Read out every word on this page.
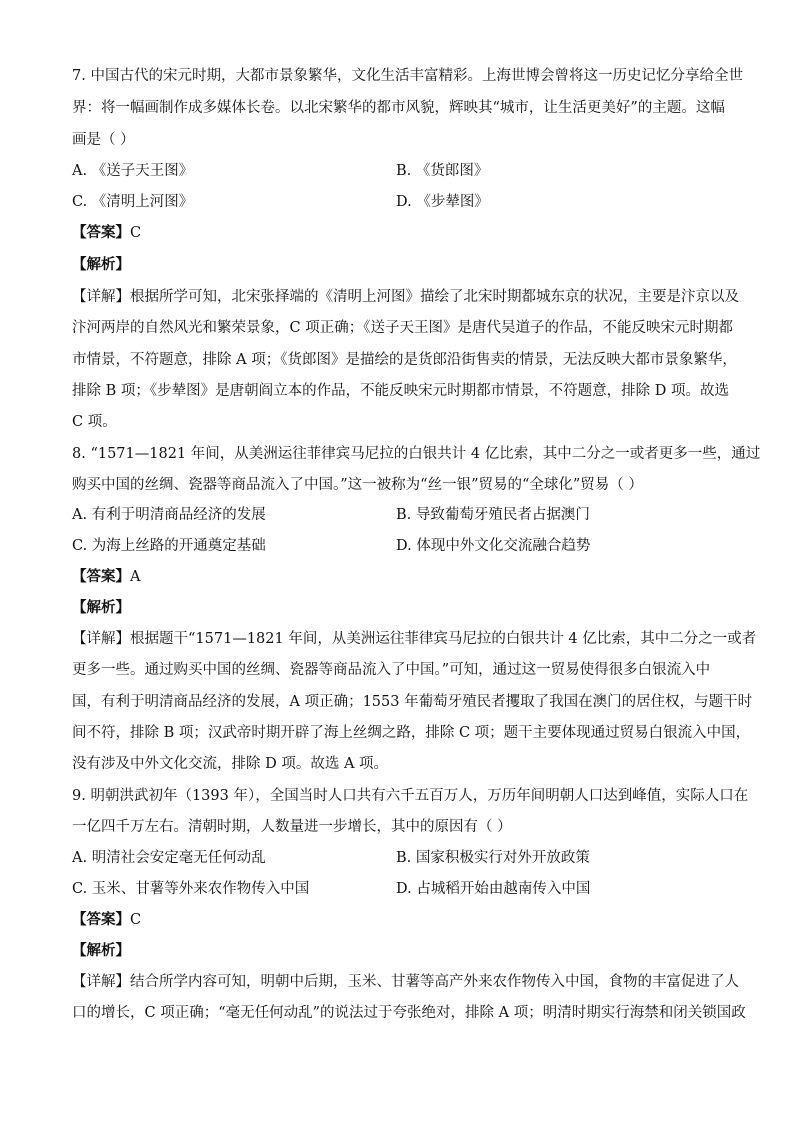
7. 中国古代的宋元时期，大都市景象繁华，文化生活丰富精彩。上海世博会曾将这一历史记忆分享给全世
界：将一幅画制作成多媒体长卷。以北宋繁华的都市风貌，辉映其“城市，让生活更美好”的主题。这幅
画是（ ）
A. 《送子天王图》	B. 《货郎图》
C. 《清明上河图》	D. 《步辇图》
【答案】C
【解析】
【详解】根据所学可知，北宋张择端的《清明上河图》描绘了北宋时期都城东京的状况，主要是汴京以及
汴河两岸的自然风光和繁荣景象，C 项正确；《送子天王图》是唐代吴道子的作品，不能反映宋元时期都
市情景，不符题意，排除 A 项；《货郎图》是描绘的是货郎沿街售卖的情景，无法反映大都市景象繁华，
排除 B 项；《步辇图》是唐朝阎立本的作品，不能反映宋元时期都市情景，不符题意，排除 D 项。故选
C 项。
8. “1571—1821 年间，从美洲运往菲律宾马尼拉的白银共计 4 亿比索，其中二分之一或者更多一些，通过
购买中国的丝绸、瓷器等商品流入了中国。”这一被称为“丝一银”贸易的“全球化”贸易（ ）
A. 有利于明清商品经济的发展	B. 导致葡萄牙殖民者占据澳门
C. 为海上丝路的开通奠定基础	D. 体现中外文化交流融合趋势
【答案】A
【解析】
【详解】根据题干“1571—1821 年间，从美洲运往菲律宾马尼拉的白银共计 4 亿比索，其中二分之一或者
更多一些。通过购买中国的丝绸、瓷器等商品流入了中国。”可知，通过这一贸易使得很多白银流入中
国，有利于明清商品经济的发展，A 项正确；1553 年葡萄牙殖民者攫取了我国在澳门的居住权，与题干时
间不符，排除 B 项；汉武帝时期开辟了海上丝绸之路，排除 C 项；题干主要体现通过贸易白银流入中国，
没有涉及中外文化交流，排除 D 项。故选 A 项。
9. 明朝洪武初年（1393 年），全国当时人口共有六千五百万人，万历年间明朝人口达到峰值，实际人口在
一亿四千万左右。清朝时期，人数量进一步增长，其中的原因有（ ）
A. 明清社会安定毫无任何动乱	B. 国家积极实行对外开放政策
C. 玉米、甘薯等外来农作物传入中国	D. 占城稻开始由越南传入中国
【答案】C
【解析】
【详解】结合所学内容可知，明朝中后期，玉米、甘薯等高产外来农作物传入中国，食物的丰富促进了人
口的增长，C 项正确；“毫无任何动乱”的说法过于夸张绝对，排除 A 项；明清时期实行海禁和闭关锁国政
